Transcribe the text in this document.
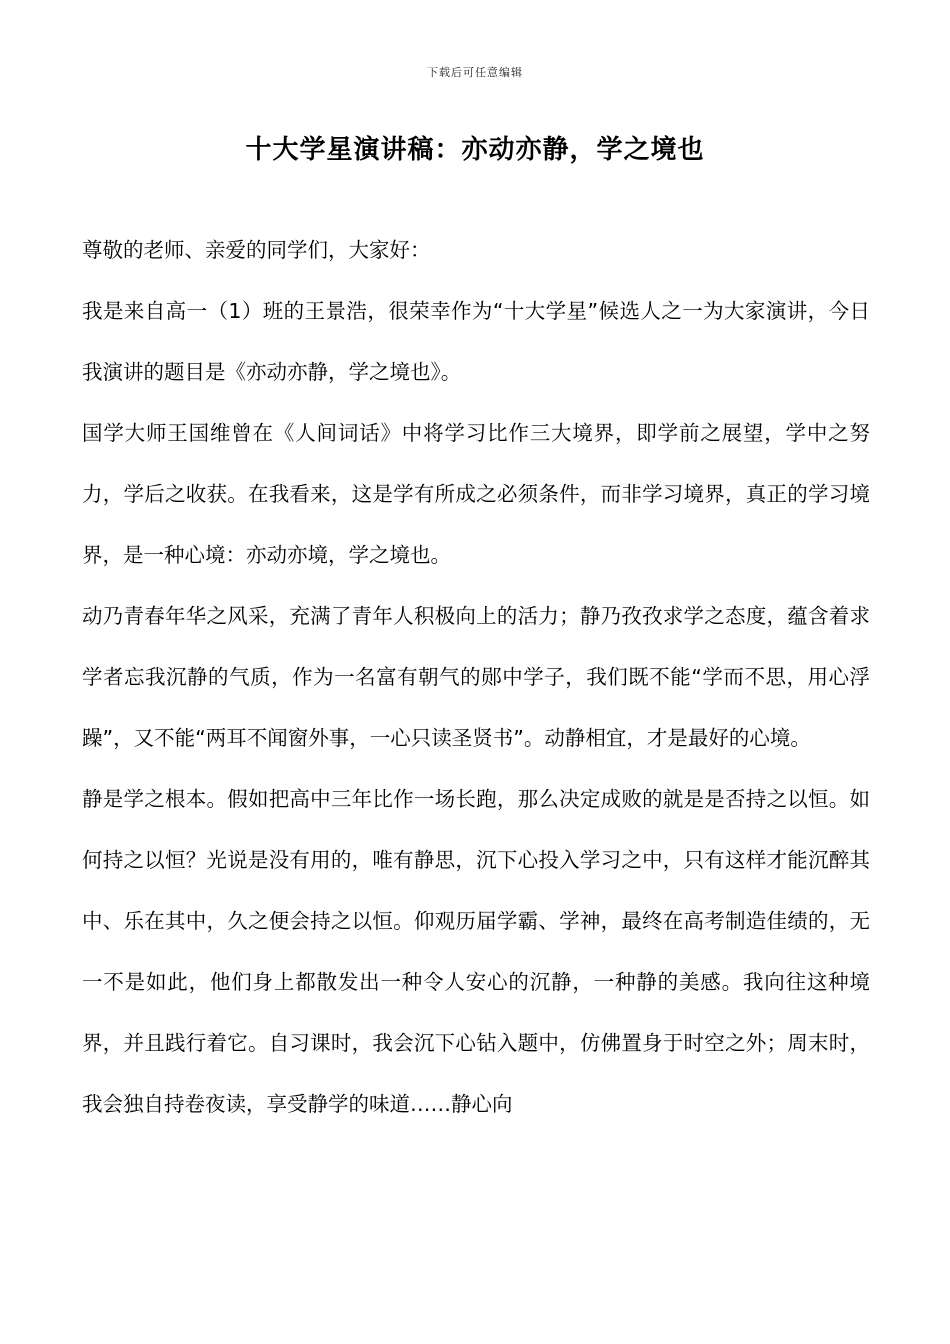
下载后可任意编辑
十大学星演讲稿：亦动亦静，学之境也

尊敬的老师、亲爱的同学们，大家好：

我是来自高一（1）班的王景浩，很荣幸作为“十大学星”候选人之一为大家演讲，今日我演讲的题目是《亦动亦静，学之境也》。

国学大师王国维曾在《人间词话》中将学习比作三大境界，即学前之展望，学中之努力，学后之收获。在我看来，这是学有所成之必须条件，而非学习境界，真正的学习境界，是一种心境：亦动亦境，学之境也。

动乃青春年华之风采，充满了青年人积极向上的活力；静乃孜孜求学之态度，蕴含着求学者忘我沉静的气质，作为一名富有朝气的郧中学子，我们既不能“学而不思，用心浮躁”，又不能“两耳不闻窗外事，一心只读圣贤书”。动静相宜，才是最好的心境。

静是学之根本。假如把高中三年比作一场长跑，那么决定成败的就是是否持之以恒。如何持之以恒？光说是没有用的，唯有静思，沉下心投入学习之中，只有这样才能沉醉其中、乐在其中，久之便会持之以恒。仰观历届学霸、学神，最终在高考制造佳绩的，无一不是如此，他们身上都散发出一种令人安心的沉静，一种静的美感。我向往这种境界，并且践行着它。自习课时，我会沉下心钻入题中，仿佛置身于时空之外；周末时，我会独自持卷夜读，享受静学的味道……静心向
